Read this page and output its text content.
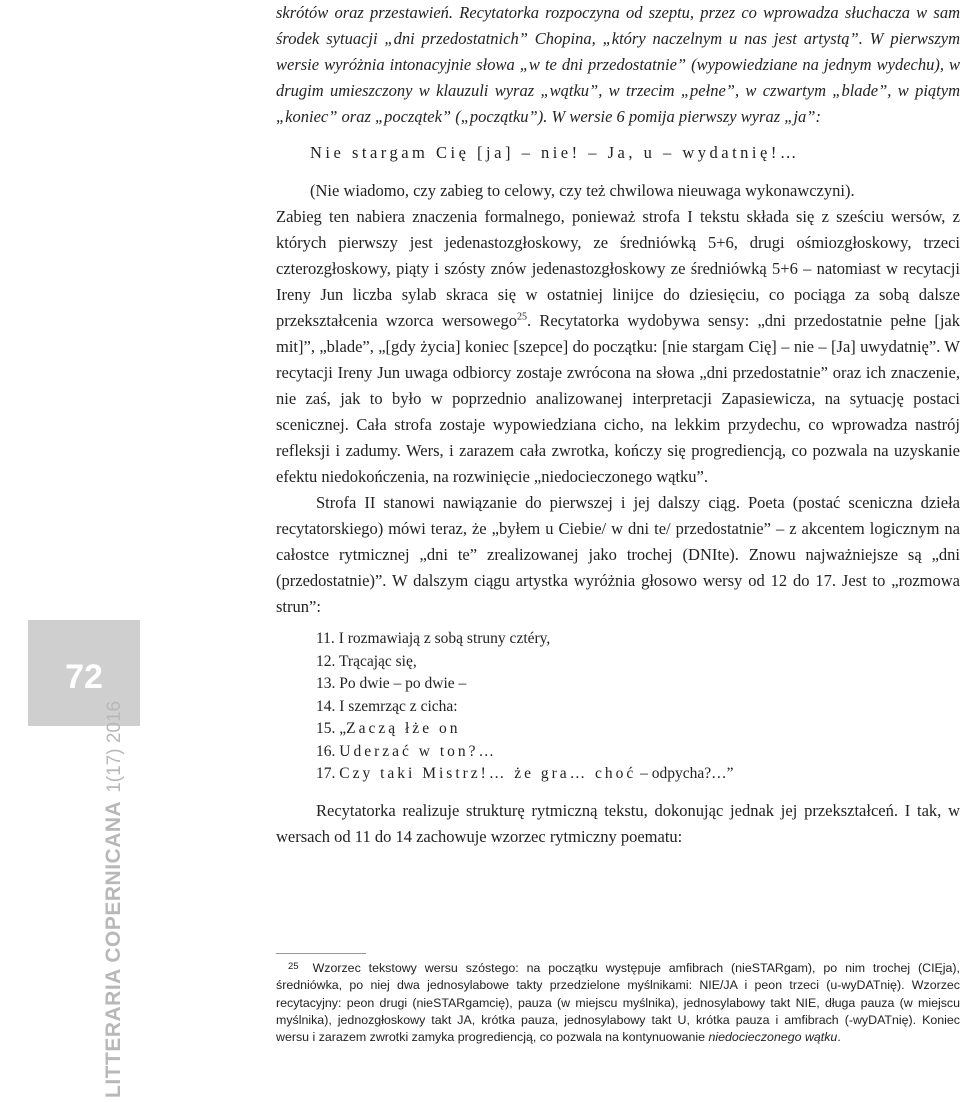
72
LITTERARIA COPERNICANA1(17) 2016

skrótów oraz przestawień. Recytatorka rozpoczyna od szeptu, przez co wprowadza słuchacza w sam środek sytuacji „dni przedostatnich” Chopina, „który naczelnym u nas jest artystą”. W pierwszym wersie wyróżnia intonacyjnie słowa „w te dni przedostatnie” (wypowiedziane na jednym wydechu), w drugim umieszczony w klauzuli wyraz „wątku”, w trzecim „pełne”, w czwartym „blade”, w piątym „koniec” oraz „początek” („początku”). W wersie 6 pomija pierwszy wyraz „ja”:

Nie stargam Cię [ja] – nie! – Ja, u – wydatnię!…

(Nie wiadomo, czy zabieg to celowy, czy też chwilowa nieuwaga wykonawczyni).

Zabieg ten nabiera znaczenia formalnego, ponieważ strofa I tekstu składa się z sześciu wersów, z których pierwszy jest jedenastozgłoskowy, ze średniówką 5+6, drugi ośmiozgłoskowy, trzeci czterozgłoskowy, piąty i szósty znów jedenastozgłoskowy ze średniówką 5+6 – natomiast w recytacji Ireny Jun liczba sylab skraca się w ostatniej linijce do dziesięciu, co pociąga za sobą dalsze przekształcenia wzorca wersowego$^{25}$. Recytatorka wydobywa sensy: „dni przedostatnie pełne [jak mit]”, „blade”, „[gdy życia] koniec [szepce] do początku: [nie stargam Cię] – nie – [Ja] uwydatnię”. W recytacji Ireny Jun uwaga odbiorcy zostaje zwrócona na słowa „dni przedostatnie” oraz ich znaczenie, nie zaś, jak to było w poprzednio analizowanej interpretacji Zapasiewicza, na sytuację postaci scenicznej. Cała strofa zostaje wypowiedziana cicho, na lekkim przydechu, co wprowadza nastrój refleksji i zadumy. Wers, i zarazem cała zwrotka, kończy się progrediencją, co pozwala na uzyskanie efektu niedokończenia, na rozwinięcie „niedocieczonego wątku”.

Strofa II stanowi nawiązanie do pierwszej i jej dalszy ciąg. Poeta (postać sceniczna dzieła recytatorskiego) mówi teraz, że „byłem u Ciebie/ w dni te/ przedostatnie” – z akcentem logicznym na całostce rytmicznej „dni te” zrealizowanej jako trochej (DNIte). Znowu najważniejsze są „dni (przedostatnie)”. W dalszym ciągu artystka wyróżnia głosowo wersy od 12 do 17. Jest to „rozmowa strun”:

11. I rozmawiają z sobą struny cztéry,

12. Trącając się,

13. Po dwie – po dwie –

14. I szemrząc z cicha:

15. „Zaczą łże on

16. Uderzać w ton?…

17. Czy taki Mistrz!… że gra… choć – odpycha?…”

Recytatorka realizuje strukturę rytmiczną tekstu, dokonując jednak jej przekształceń. I tak, w wersach od 11 do 14 zachowuje wzorzec rytmiczny poematu:

$^{25}$ Wzorzec tekstowy wersu szóstego: na początku występuje amfibrach (nieSTARgam), po nim trochej (CIĘja), średniówka, po niej dwa jednosylabowe takty przedzielone myślnikami: NIE/JA i peon trzeci (u-wyDATnię). Wzorzec recytacyjny: peon drugi (nieSTARgamcię), pauza (w miejscu myślnika), jednosylabowy takt NIE, długa pauza (w miejscu myślnika), jednozgłoskowy takt JA, krótka pauza, jednosylabowy takt U, krótka pauza i amfibrach (-wyDATnię). Koniec wersu i zarazem zwrotki zamyka progrediencją, co pozwala na kontynuowanie niedocieczonego wątku.
